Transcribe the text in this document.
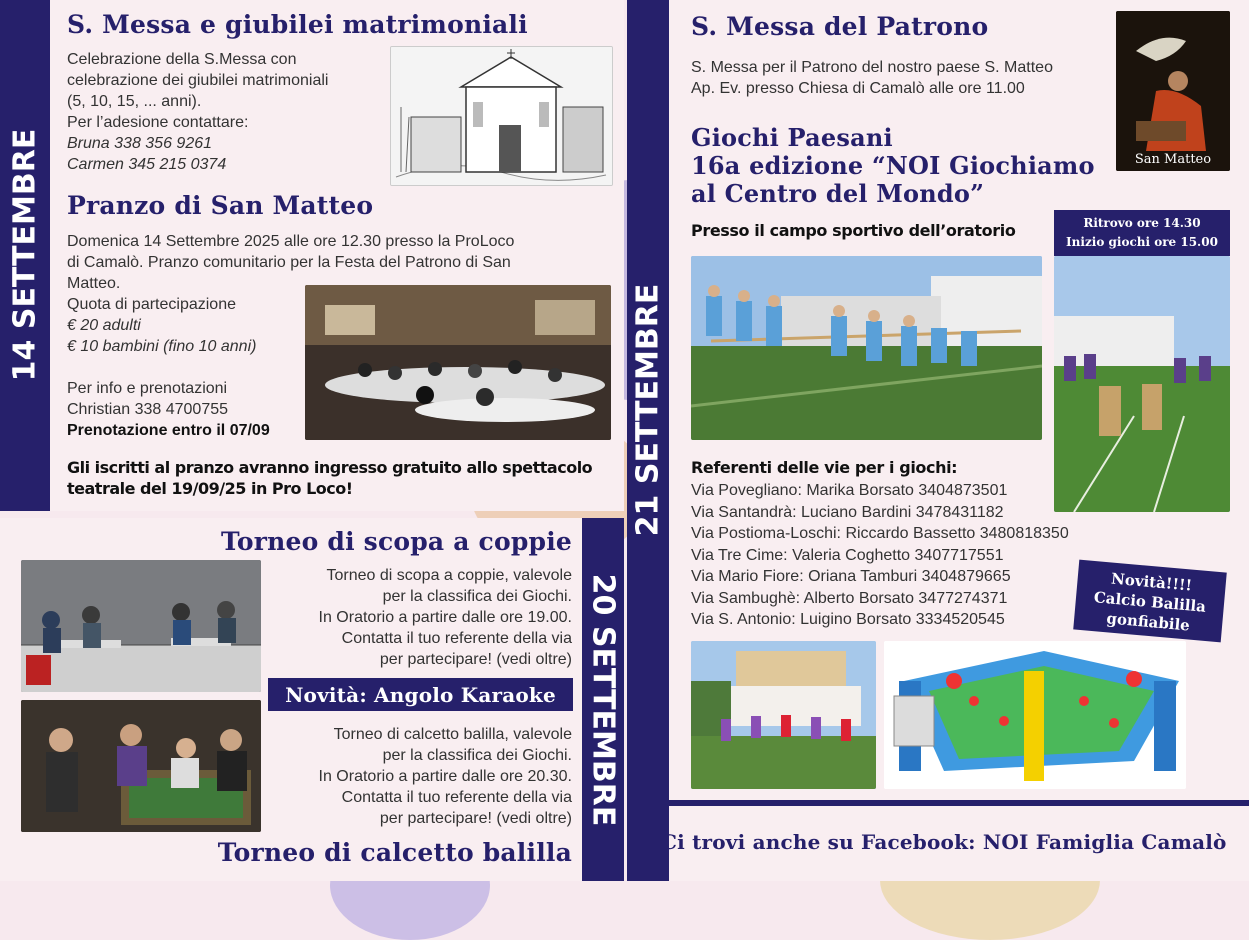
14 SETTEMBRE
S. Messa e giubilei matrimoniali

Celebrazione della S.Messa con

celebrazione dei giubilei matrimoniali

(5, 10, 15, ... anni).

Per l’adesione contattare:

Bruna 338 356 9261

Carmen 345 215 0374

Pranzo di San Matteo

Domenica 14 Settembre 2025 alle ore 12.30 presso la ProLoco

di Camalò. Pranzo comunitario per la Festa del Patrono di San

Matteo.

Quota di partecipazione

€ 20 adulti

€ 10 bambini (fino 10 anni)

Per info e prenotazioni

Christian 338 4700755

Prenotazione entro il 07/09

Gli iscritti al pranzo avranno ingresso gratuito allo spettacolo

teatrale del 19/09/25 in Pro Loco!

20 SETTEMBRE
Torneo di scopa a coppie

Torneo di scopa a coppie, valevole

per la classifica dei Giochi.

In Oratorio a partire dalle ore 19.00.

Contatta il tuo referente della via

per partecipare! (vedi oltre)

Novità: Angolo Karaoke

Torneo di calcetto balilla, valevole

per la classifica dei Giochi.

In Oratorio a partire dalle ore 20.30.

Contatta il tuo referente della via

per partecipare! (vedi oltre)

Torneo di calcetto balilla
21 SETTEMBRE
S. Messa del Patrono

S. Messa per il Patrono del nostro paese S. Matteo

Ap. Ev. presso Chiesa di Camalò alle ore 11.00

San Matteo

Giochi Paesani

16a edizione “NOI Giochiamo

al Centro del Mondo”

Presso il campo sportivo dell’oratorio	Ritrovo ore 14.30

Inizio giochi ore 15.00

Referenti delle vie per i giochi:

Via Povegliano: Marika Borsato 3404873501

Via Santandrà: Luciano Bardini 3478431182

Via Postioma-Loschi: Riccardo Bassetto 3480818350

Via Tre Cime: Valeria Coghetto 3407717551

Via Mario Fiore: Oriana Tamburi 3404879665

Via Sambughè: Alberto Borsato 3477274371

Via S. Antonio: Luigino Borsato 3334520545

Novità!!!!

Calcio Balilla

gonfiabile

Ci trovi anche su Facebook: NOI Famiglia Camalò
